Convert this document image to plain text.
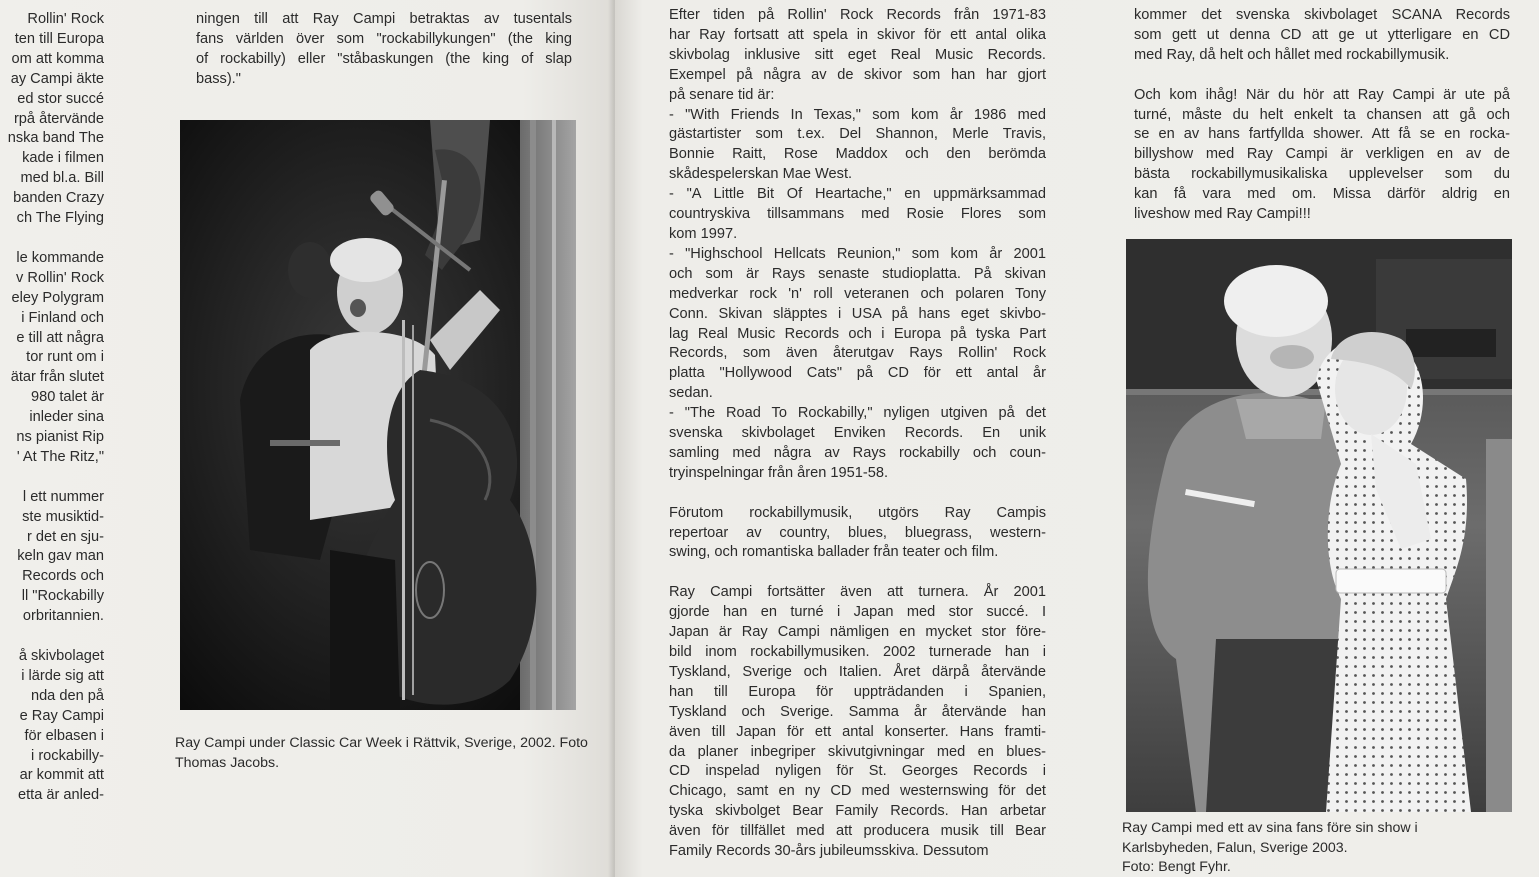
Rollin' Rock
ten till Europa
om att komma
ay Campi äkte
ed stor succé
rpå återvände
nska band The
kade i filmen
med bl.a. Bill
banden Crazy
ch The Flying

le kommande
v Rollin' Rock
eley Polygram
i Finland och
e till att några
tor runt om i
ätar från slutet
980 talet är
inleder sina
ns pianist Rip
' At The Ritz,"

l ett nummer
ste musiktid-
r det en sju-
keln gav man
Records och
ll "Rockabilly
orbritannien.

å skivbolaget
i lärde sig att
nda den på
e Ray Campi
för elbasen i
i rockabilly-
ar kommit att
etta är anled-

ningen till att Ray Campi betraktas av tusentals
fans världen över som "rockabillykungen" (the king
of rockabilly) eller "ståbaskungen (the king of slap
bass)."

Ray Campi under Classic Car Week i Rättvik, Sverige, 2002. Foto Thomas Jacobs.

Efter tiden på Rollin' Rock Records från 1971-83
har Ray fortsatt att spela in skivor för ett antal olika
skivbolag inklusive sitt eget Real Music Records.
Exempel på några av de skivor som han har gjort
på senare tid är:
- "With Friends In Texas," som kom år 1986 med
gästartister som t.ex. Del Shannon, Merle Travis,
Bonnie Raitt, Rose Maddox och den berömda
skådespelerskan Mae West.
- "A Little Bit Of Heartache," en uppmärksammad
countryskiva tillsammans med Rosie Flores som
kom 1997.
- "Highschool Hellcats Reunion," som kom år 2001
och som är Rays senaste studioplatta. På skivan
medverkar rock 'n' roll veteranen och polaren Tony
Conn. Skivan släpptes i USA på hans eget skivbo-
lag Real Music Records och i Europa på tyska Part
Records, som även återutgav Rays Rollin' Rock
platta "Hollywood Cats" på CD för ett antal år
sedan.
- "The Road To Rockabilly," nyligen utgiven på det
svenska skivbolaget Enviken Records. En unik
samling med några av Rays rockabilly och coun-
tryinspelningar från åren 1951-58.

Förutom rockabillymusik, utgörs Ray Campis
repertoar av country, blues, bluegrass, western-
swing, och romantiska ballader från teater och film.

Ray Campi fortsätter även att turnera. År 2001
gjorde han en turné i Japan med stor succé. I
Japan är Ray Campi nämligen en mycket stor före-
bild inom rockabillymusiken. 2002 turnerade han i
Tyskland, Sverige och Italien. Året därpå återvände
han till Europa för uppträdanden i Spanien,
Tyskland och Sverige. Samma år återvände han
även till Japan för ett antal konserter. Hans framti-
da planer inbegriper skivutgivningar med en blues-
CD inspelad nyligen för St. Georges Records i
Chicago, samt en ny CD med westernswing för det
tyska skivbolget Bear Family Records. Han arbetar
även för tillfället med att producera musik till Bear
Family Records 30-års jubileumsskiva. Dessutom

kommer det svenska skivbolaget SCANA Records
som gett ut denna CD att ge ut ytterligare en CD
med Ray, då helt och hållet med rockabillymusik.

Och kom ihåg! När du hör att Ray Campi är ute på
turné, måste du helt enkelt ta chansen att gå och
se en av hans fartfyllda shower. Att få se en rocka-
billyshow med Ray Campi är verkligen en av de
bästa rockabillymusikaliska upplevelser som du
kan få vara med om. Missa därför aldrig en
liveshow med Ray Campi!!!

Ray Campi med ett av sina fans före sin show i
Karlsbyheden, Falun, Sverige 2003.
Foto: Bengt Fyhr.
